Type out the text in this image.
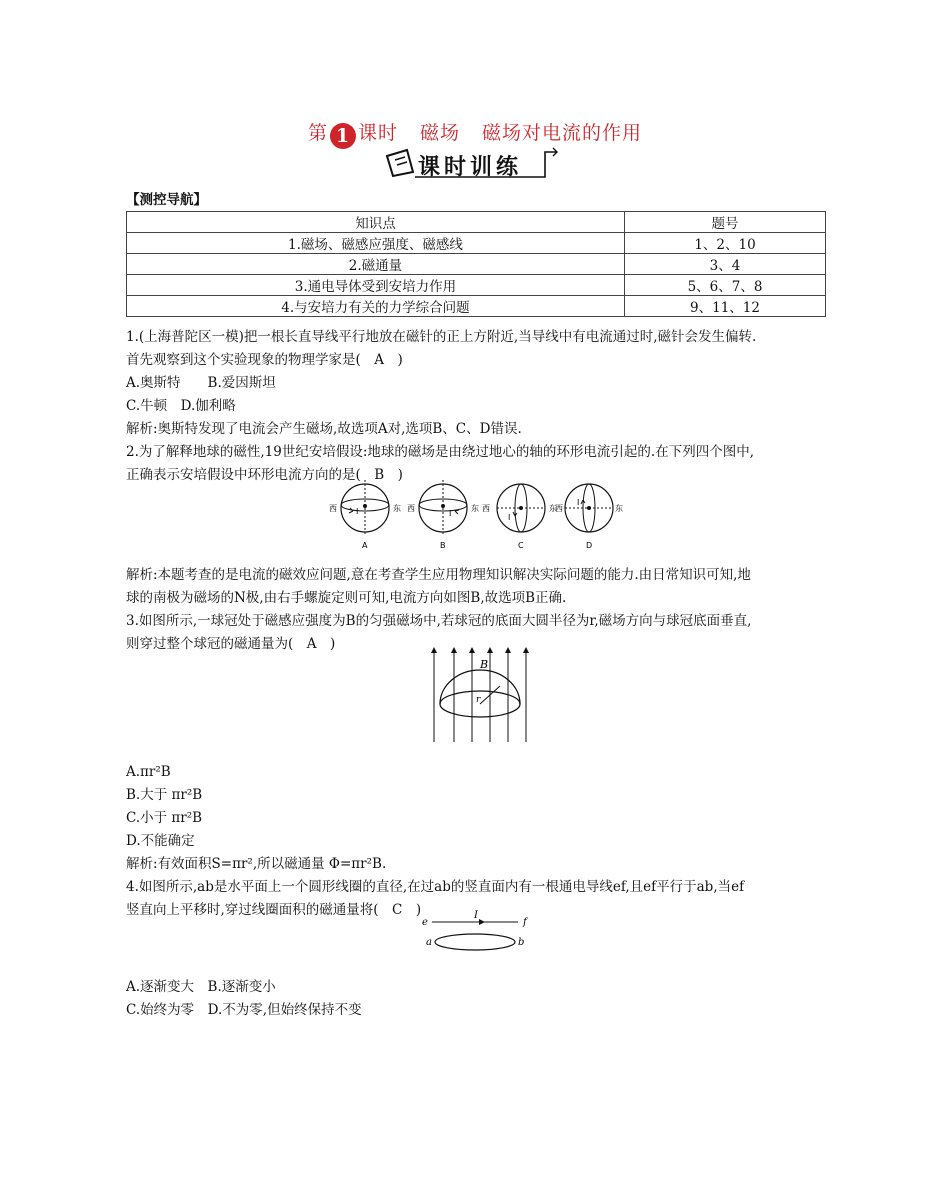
第 1 课时 磁场 磁场对电流的作用
课时训练
【测控导航】
知识点	题号
1.磁场、磁感应强度、磁感线	1、2、10
2.磁通量	3、4
3.通电导体受到安培力作用	5、6、7、8
4.与安培力有关的力学综合问题	9、11、12
1.(上海普陀区一模)把一根长直导线平行地放在磁针的正上方附近,当导线中有电流通过时,磁针会发生偏转.
首先观察到这个实验现象的物理学家是(　A　)
A.奥斯特　　B.爱因斯坦
C.牛顿　D.伽利略
解析:奥斯特发现了电流会产生磁场,故选项A对,选项B、C、D错误.
2.为了解释地球的磁性,19世纪安培假设:地球的磁场是由绕过地心的轴的环形电流引起的.在下列四个图中,
正确表示安培假设中环形电流方向的是(　B　)
I
西	东
A
I
西	东
B
I
西	东
C
I
西	东
D
解析:本题考查的是电流的磁效应问题,意在考查学生应用物理知识解决实际问题的能力.由日常知识可知,地
球的南极为磁场的N极,由右手螺旋定则可知,电流方向如图B,故选项B正确.
3.如图所示,一球冠处于磁感应强度为B的匀强磁场中,若球冠的底面大圆半径为r,磁场方向与球冠底面垂直,
则穿过整个球冠的磁通量为(　A　)
B
r
A.πr²B
B.大于 πr²B
C.小于 πr²B
D.不能确定
解析:有效面积S=πr²,所以磁通量 Φ=πr²B.
4.如图所示,ab是水平面上一个圆形线圈的直径,在过ab的竖直面内有一根通电导线ef,且ef平行于ab,当ef
竖直向上平移时,穿过线圈面积的磁通量将(　C　)
e	f
I
a	b
A.逐渐变大　B.逐渐变小
C.始终为零　D.不为零,但始终保持不变
